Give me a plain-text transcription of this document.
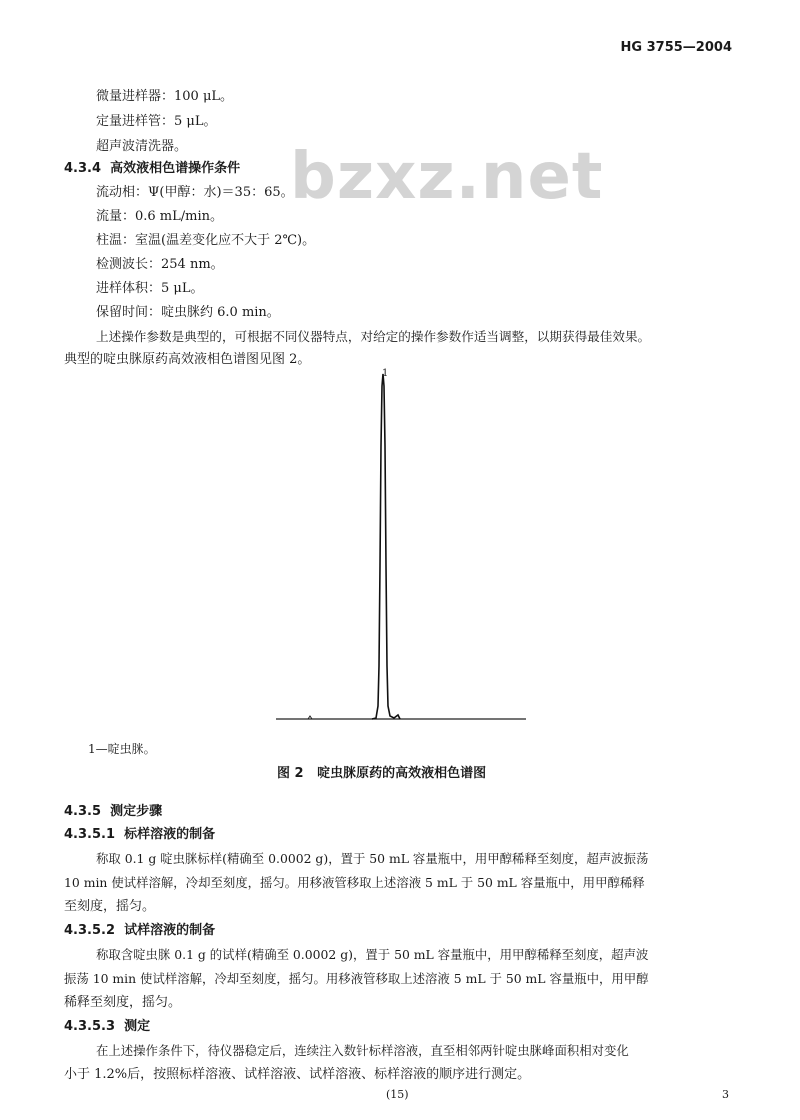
HG 3755—2004
bzxz.net
微量进样器：100 μL。
定量进样管：5 μL。
超声波清洗器。
4.3.4 高效液相色谱操作条件
流动相：Ψ(甲醇：水)＝35：65。
流量：0.6 mL/min。
柱温：室温(温差变化应不大于 2℃)。
检测波长：254 nm。
进样体积：5 μL。
保留时间：啶虫脒约 6.0 min。
上述操作参数是典型的，可根据不同仪器特点，对给定的操作参数作适当调整，以期获得最佳效果。
典型的啶虫脒原药高效液相色谱图见图 2。
1
1—啶虫脒。
图 2 啶虫脒原药的高效液相色谱图
4.3.5 测定步骤
4.3.5.1 标样溶液的制备
称取 0.1 g 啶虫脒标样(精确至 0.0002 g)，置于 50 mL 容量瓶中，用甲醇稀释至刻度，超声波振荡
10 min 使试样溶解，冷却至刻度，摇匀。用移液管移取上述溶液 5 mL 于 50 mL 容量瓶中，用甲醇稀释
至刻度，摇匀。
4.3.5.2 试样溶液的制备
称取含啶虫脒 0.1 g 的试样(精确至 0.0002 g)，置于 50 mL 容量瓶中，用甲醇稀释至刻度，超声波
振荡 10 min 使试样溶解，冷却至刻度，摇匀。用移液管移取上述溶液 5 mL 于 50 mL 容量瓶中，用甲醇
稀释至刻度，摇匀。
4.3.5.3 测定
在上述操作条件下，待仪器稳定后，连续注入数针标样溶液，直至相邻两针啶虫脒峰面积相对变化
小于 1.2%后，按照标样溶液、试样溶液、试样溶液、标样溶液的顺序进行测定。
(15)	3
